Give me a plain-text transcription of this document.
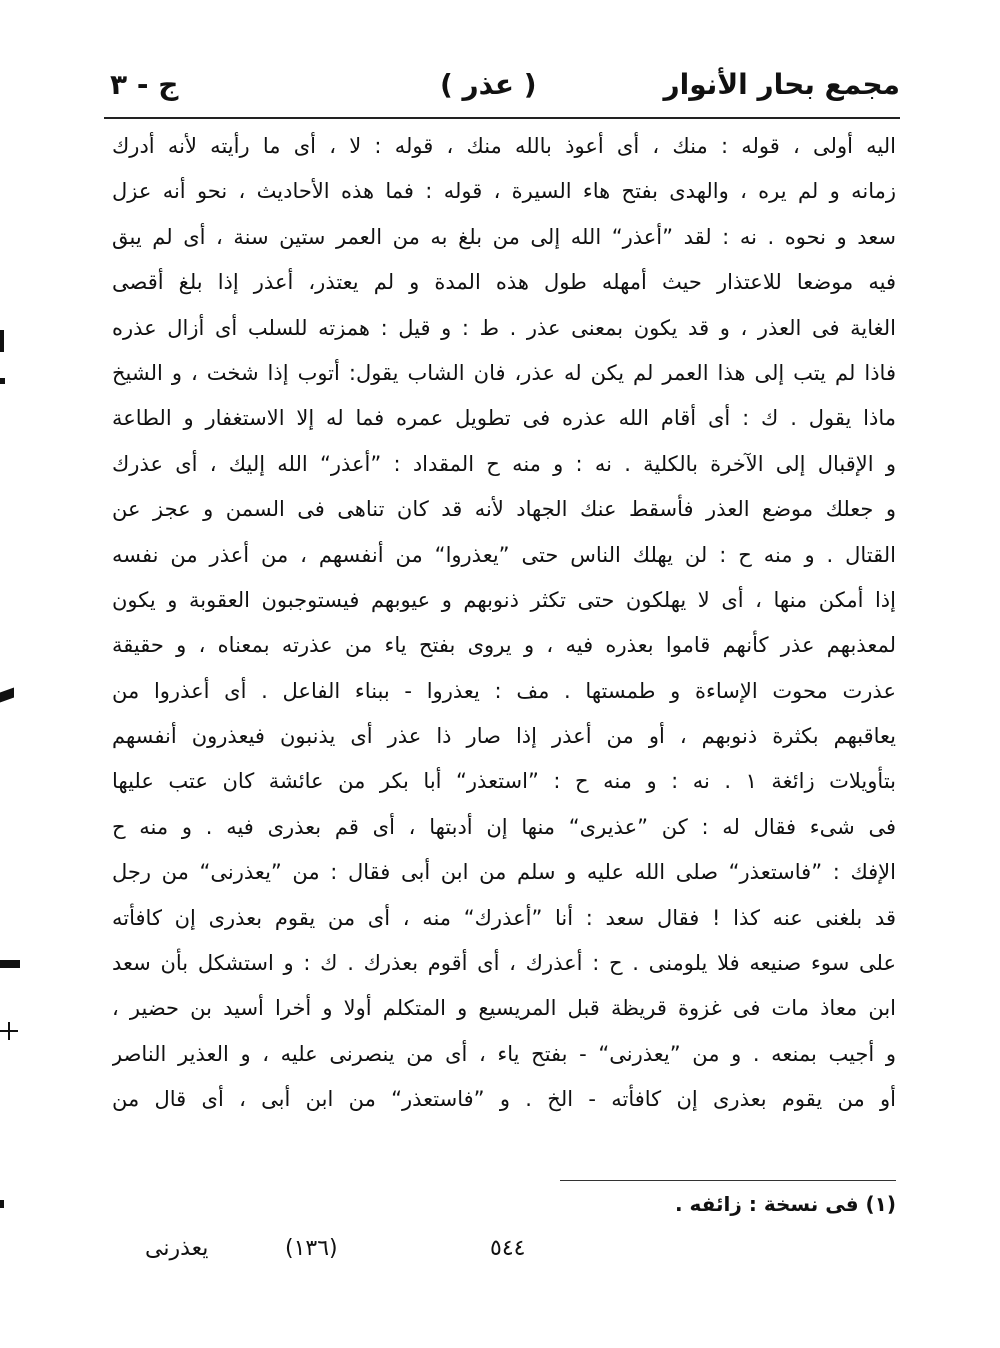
مجمع بحار الأنوار
( عذر )
ج - ٣
اليه أولى ، قوله : منك ، أى أعوذ بالله منك ، قوله : لا ، أى ما رأيته لأنه أدرك
زمانه و لم يره ، والهدى بفتح هاء السيرة ، قوله : فما هذه الأحاديث ، نحو أنه عزل
سعد و نحوه . نه : لقد ”أعذر“ الله إلى من بلغ به من العمر ستين سنة ، أى لم يبق
فيه موضعا للاعتذار حيث أمهله طول هذه المدة و لم يعتذر، أعذر إذا بلغ أقصى
الغاية فى العذر ، و قد يكون بمعنى عذر . ط : و قيل : همزته للسلب أى أزال عذره
فاذا لم يتب إلى هذا العمر لم يكن له عذر، فان الشاب يقول: أتوب إذا شخت ، و الشيخ
ماذا يقول . ك : أى أقام الله عذره فى تطويل عمره فما له إلا الاستغفار و الطاعة
و الإقبال إلى الآخرة بالكلية . نه : و منه ح المقداد : ”أعذر“ الله إليك ، أى عذرك
و جعلك موضع العذر فأسقط عنك الجهاد لأنه قد كان تناهى فى السمن و عجز عن
القتال . و منه ح : لن يهلك الناس حتى ”يعذروا“ من أنفسهم ، من أعذر من نفسه
إذا أمكن منها ، أى لا يهلكون حتى تكثر ذنوبهم و عيوبهم فيستوجبون العقوبة و يكون
لمعذبهم عذر كأنهم قاموا بعذره فيه ، و يروى بفتح ياء من عذرته بمعناه ، و حقيقة
عذرت محوت الإساءة و طمستها . مف : يعذروا - ببناء الفاعل . أى أعذروا من
يعاقبهم بكثرة ذنوبهم ، أو من أعذر إذا صار ذا عذر أى يذنبون فيعذرون أنفسهم
بتأويلات زائغة ١ . نه : و منه ح : ”استعذر“ أبا بكر من عائشة كان عتب عليها
فى شىء فقال له : كن ”عذيرى“ منها إن أدبتها ، أى قم بعذرى فيه . و منه ح
الإفك : ”فاستعذر“ صلى الله عليه و سلم من ابن أبى فقال : من ”يعذرنى“ من رجل
قد بلغنى عنه كذا ! فقال سعد : أنا ”أعذرك“ منه ، أى من يقوم بعذرى إن كافأته
على سوء صنيعه فلا يلومنى . ح : أعذرك ، أى أقوم بعذرك . ك : و استشكل بأن سعد
ابن معاذ مات فى غزوة قريظة قبل المريسيع و المتكلم أولا و أخرا أسيد بن حضير ،
و أجيب بمنعه . و من ”يعذرنى“ - بفتح ياء ، أى من ينصرنى عليه ، و العذير الناصر
أو من يقوم بعذرى إن كافأته - الخ . و ”فاستعذر“ من ابن أبى ، أى قال من
(١) فى نسخة : زائفه .
٥٤٤
(١٣٦)
يعذرنى
